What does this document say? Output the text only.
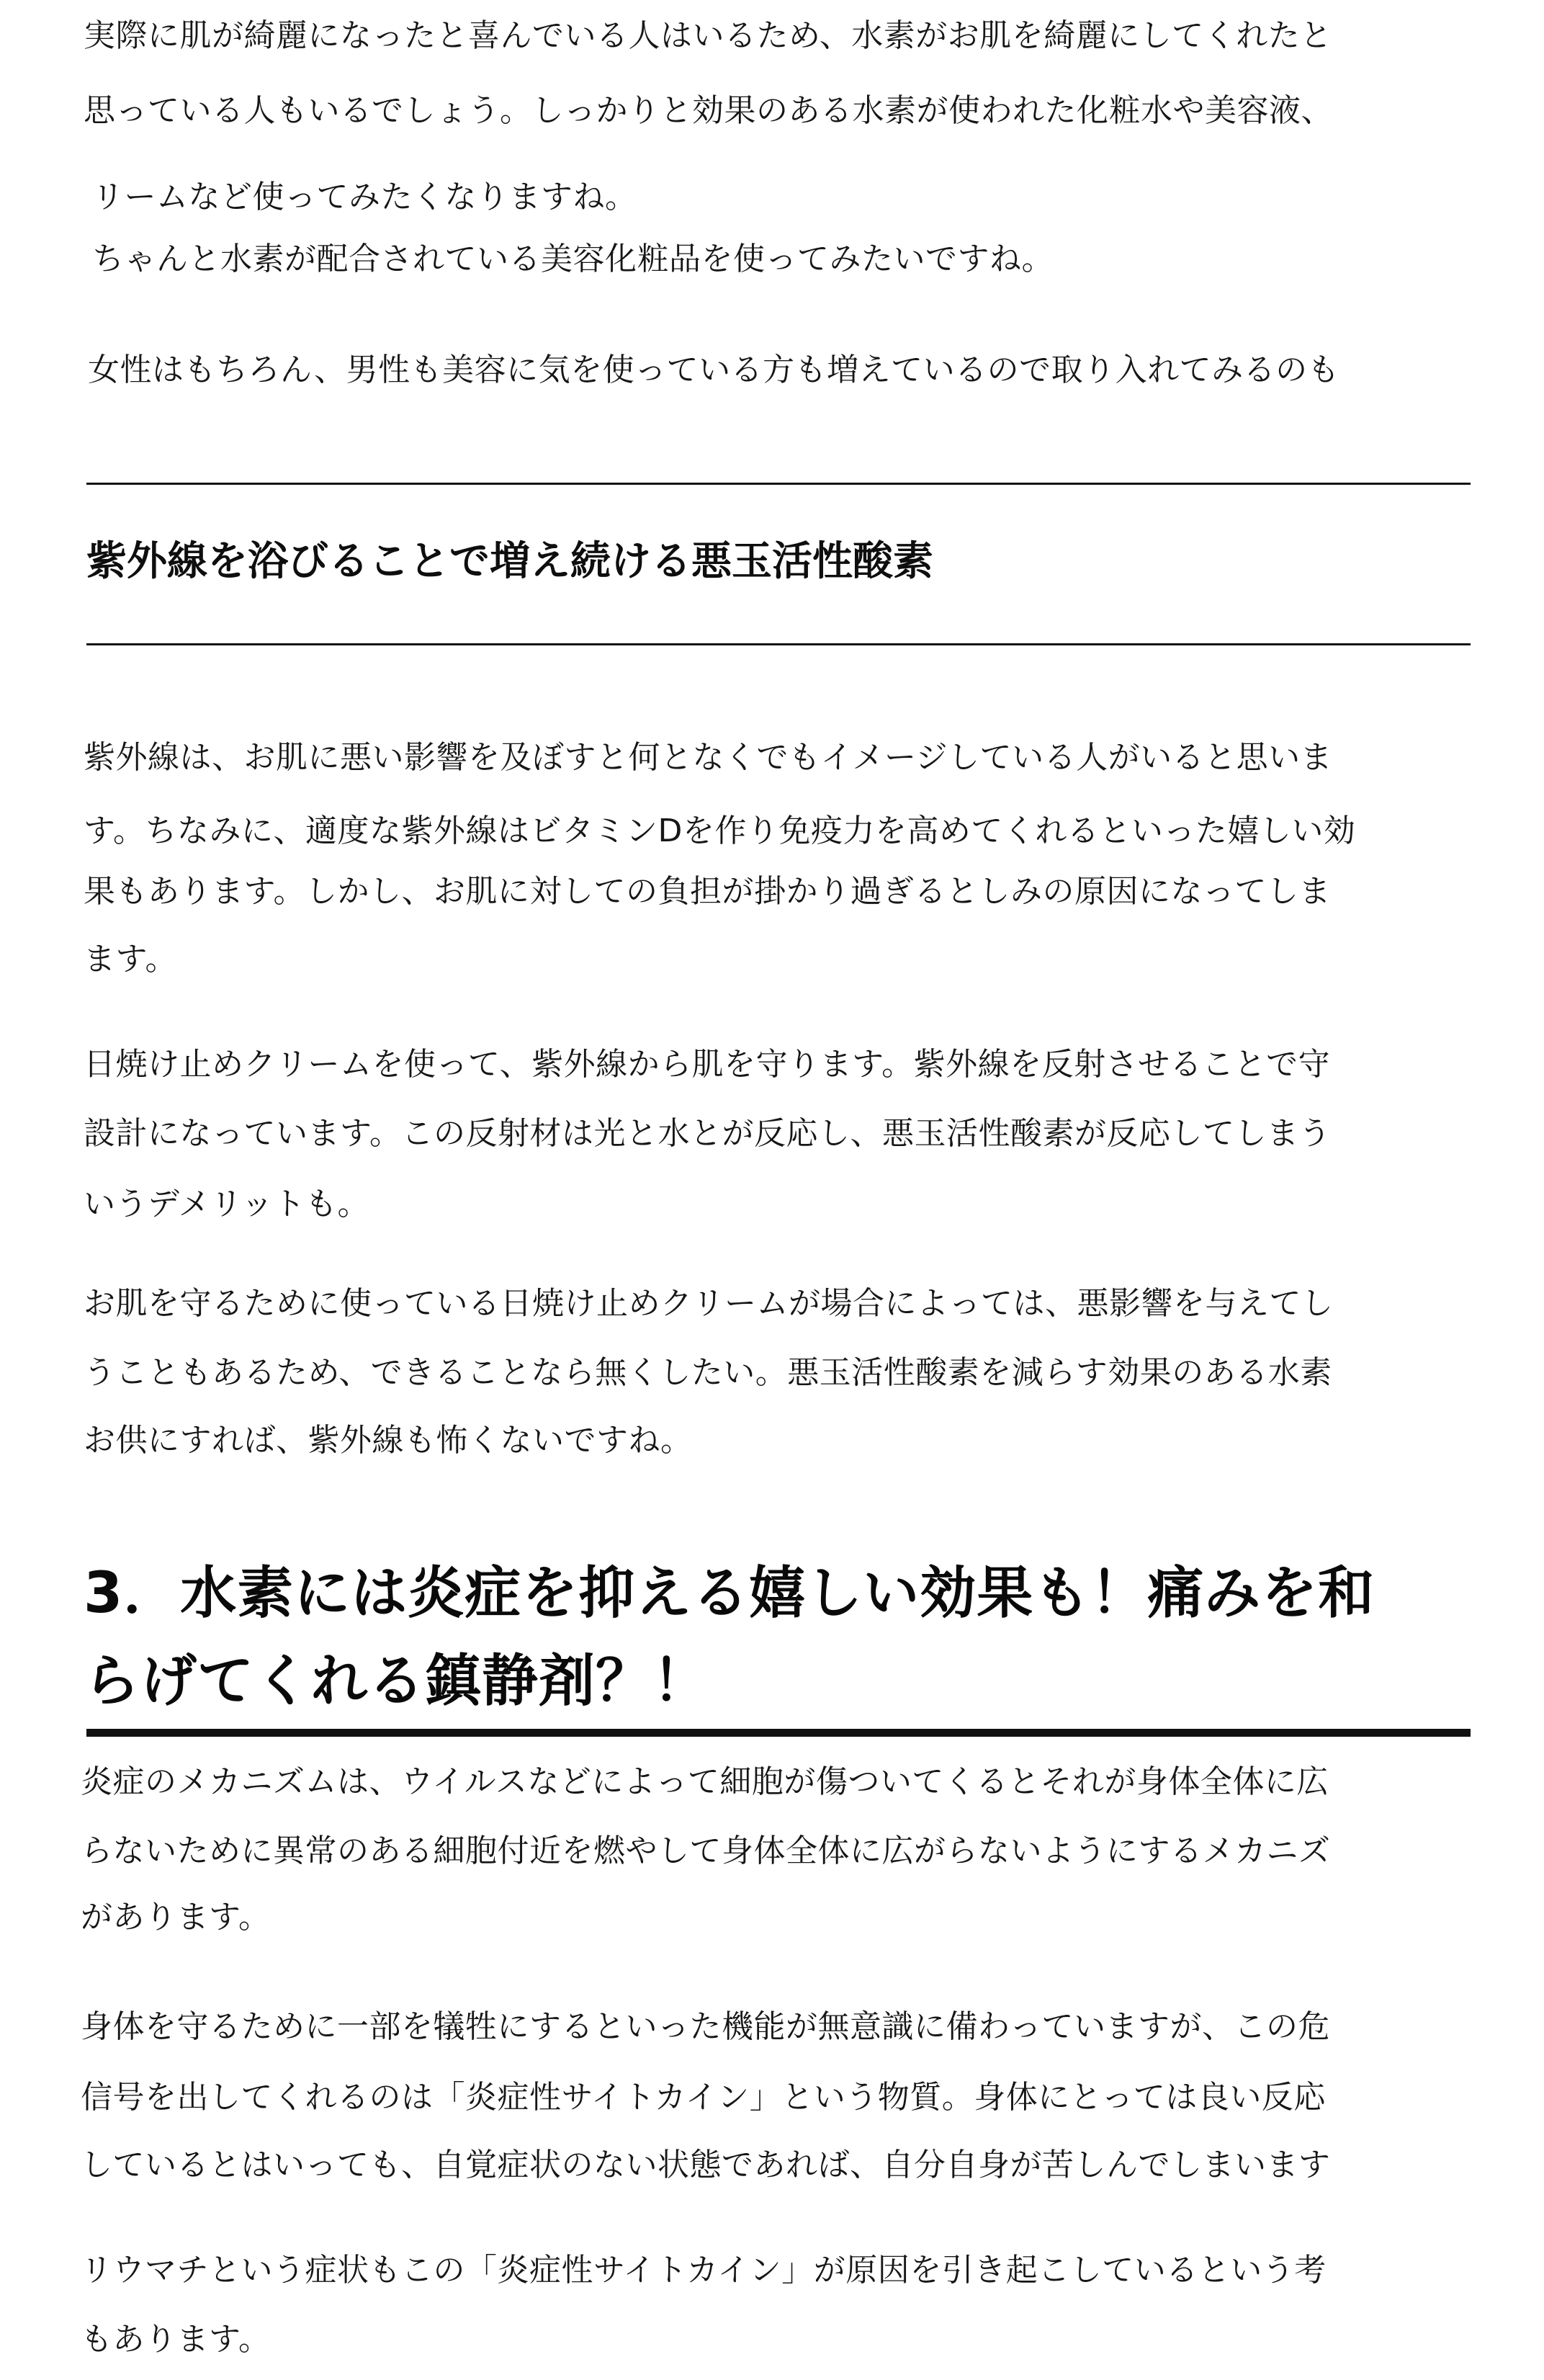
実際に肌が綺麗になったと喜んでいる人はいるため、水素がお肌を綺麗にしてくれたと
思っている人もいるでしょう。しっかりと効果のある水素が使われた化粧水や美容液、
リームなど使ってみたくなりますね。
ちゃんと水素が配合されている美容化粧品を使ってみたいですね。
女性はもちろん、男性も美容に気を使っている方も増えているので取り入れてみるのも
紫外線を浴びることで増え続ける悪玉活性酸素
紫外線は、お肌に悪い影響を及ぼすと何となくでもイメージしている人がいると思いま
す。ちなみに、適度な紫外線はビタミンDを作り免疫力を高めてくれるといった嬉しい効
果もあります。しかし、お肌に対しての負担が掛かり過ぎるとしみの原因になってしま
ます。
日焼け止めクリームを使って、紫外線から肌を守ります。紫外線を反射させることで守
設計になっています。この反射材は光と水とが反応し、悪玉活性酸素が反応してしまう
いうデメリットも。
お肌を守るために使っている日焼け止めクリームが場合によっては、悪影響を与えてし
うこともあるため、できることなら無くしたい。悪玉活性酸素を減らす効果のある水素
お供にすれば、紫外線も怖くないですね。
3．水素には炎症を抑える嬉しい効果も！痛みを和
らげてくれる鎮静剤？！
炎症のメカニズムは、ウイルスなどによって細胞が傷ついてくるとそれが身体全体に広
らないために異常のある細胞付近を燃やして身体全体に広がらないようにするメカニズ
があります。
身体を守るために一部を犠牲にするといった機能が無意識に備わっていますが、この危
信号を出してくれるのは「炎症性サイトカイン」という物質。身体にとっては良い反応
しているとはいっても、自覚症状のない状態であれば、自分自身が苦しんでしまいます
リウマチという症状もこの「炎症性サイトカイン」が原因を引き起こしているという考
もあります。
